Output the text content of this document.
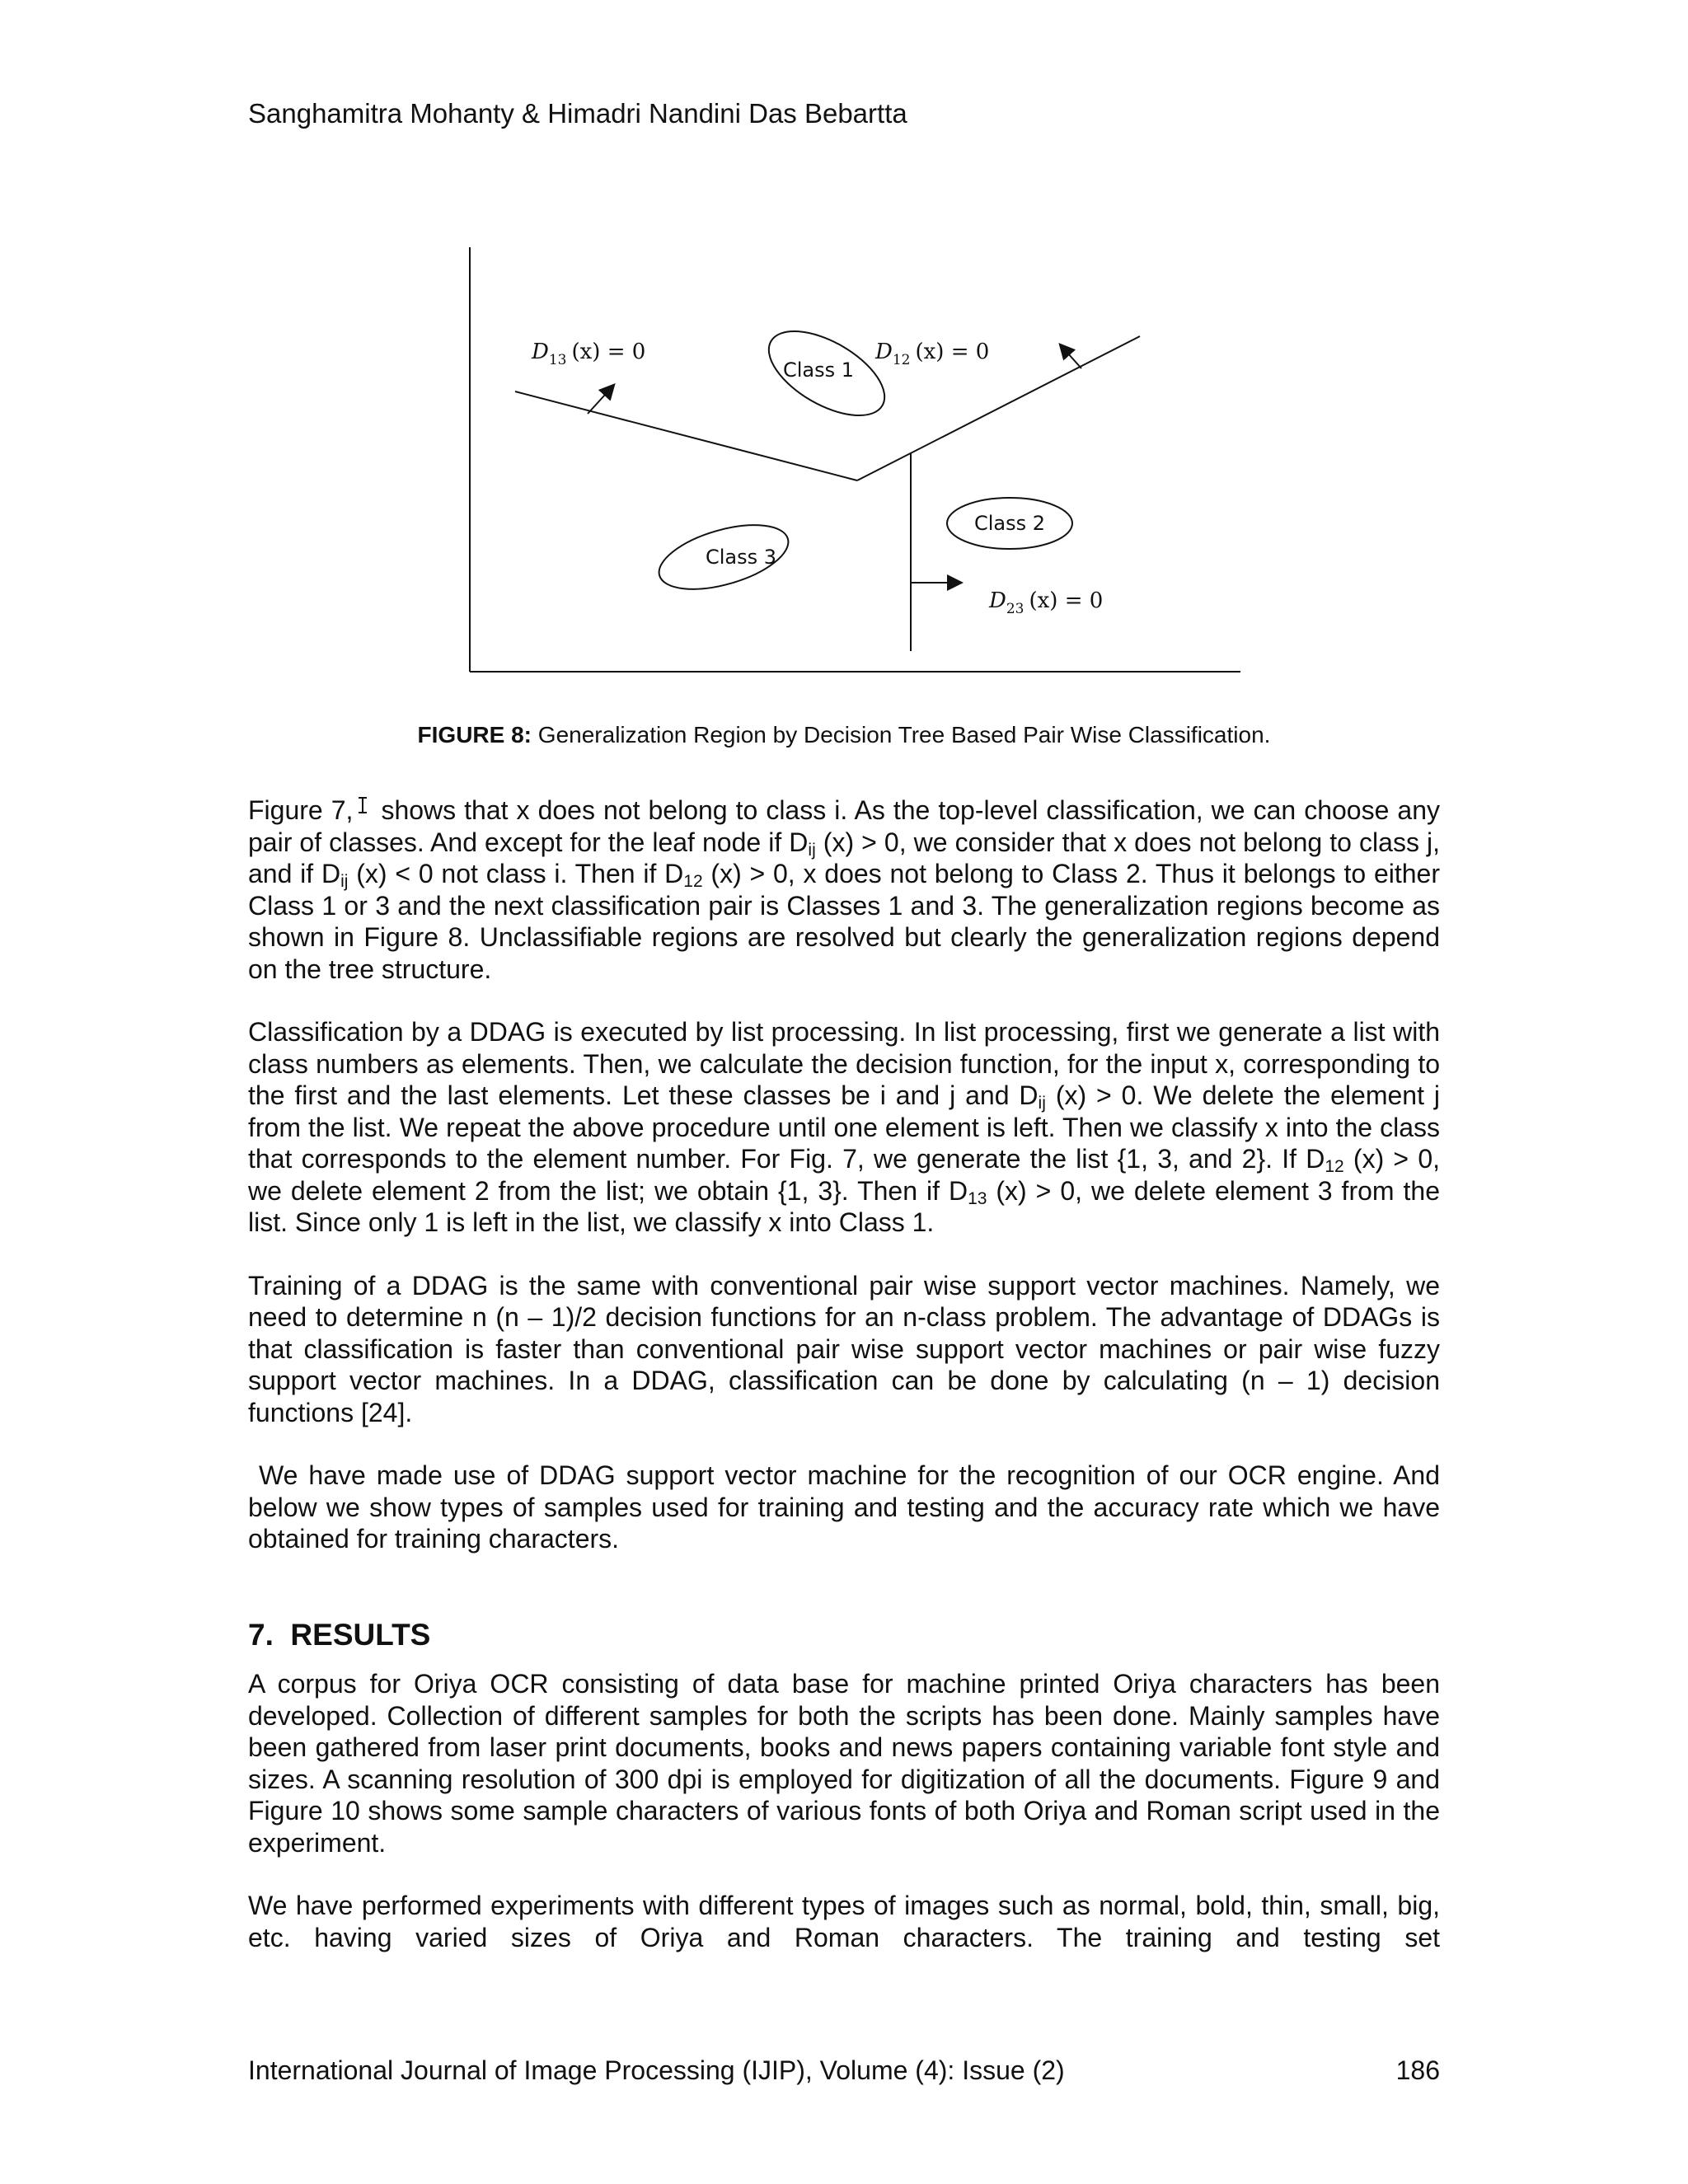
Sanghamitra Mohanty & Himadri Nandini Das Bebartta
Class 1
Class 2
Class 3
$D_{13}$ (x) = 0	$D_{12}$ (x) = 0
$D_{23}$ (x) = 0
FIGURE 8: Generalization Region by Decision Tree Based Pair Wise Classification.

Figure 7, shows that x does not belong to class i. As the top-level classification, we can choose any pair of classes. And except for the leaf node if $D_{ij}$ (x) > 0, we consider that x does not belong to class j, and if $D_{ij}$ (x) < 0 not class i. Then if $D_{12}$ (x) > 0, x does not belong to Class 2. Thus it belongs to either Class 1 or 3 and the next classification pair is Classes 1 and 3. The generalization regions become as shown in Figure 8. Unclassifiable regions are resolved but clearly the generalization regions depend on the tree structure.

Classification by a DDAG is executed by list processing. In list processing, first we generate a list with class numbers as elements. Then, we calculate the decision function, for the input x, corresponding to the first and the last elements. Let these classes be i and j and $D_{ij}$ (x) > 0. We delete the element j from the list. We repeat the above procedure until one element is left. Then we classify x into the class that corresponds to the element number. For Fig. 7, we generate the list {1, 3, and 2}. If $D_{12}$ (x) > 0, we delete element 2 from the list; we obtain {1, 3}. Then if $D_{13}$ (x) > 0, we delete element 3 from the list. Since only 1 is left in the list, we classify x into Class 1.

Training of a DDAG is the same with conventional pair wise support vector machines. Namely, we need to determine n (n – 1)/2 decision functions for an n-class problem. The advantage of DDAGs is that classification is faster than conventional pair wise support vector machines or pair wise fuzzy support vector machines. In a DDAG, classification can be done by calculating (n – 1) decision functions [24].

We have made use of DDAG support vector machine for the recognition of our OCR engine. And below we show types of samples used for training and testing and the accuracy rate which we have obtained for training characters.

7.  RESULTS

A corpus for Oriya OCR consisting of data base for machine printed Oriya characters has been developed. Collection of different samples for both the scripts has been done. Mainly samples have been gathered from laser print documents, books and news papers containing variable font style and sizes. A scanning resolution of 300 dpi is employed for digitization of all the documents. Figure 9 and Figure 10 shows some sample characters of various fonts of both Oriya and Roman script used in the experiment.

We have performed experiments with different types of images such as normal, bold, thin, small, big, etc. having varied sizes of Oriya and Roman characters. The training and testing set

International Journal of Image Processing (IJIP), Volume (4): Issue (2)	186
